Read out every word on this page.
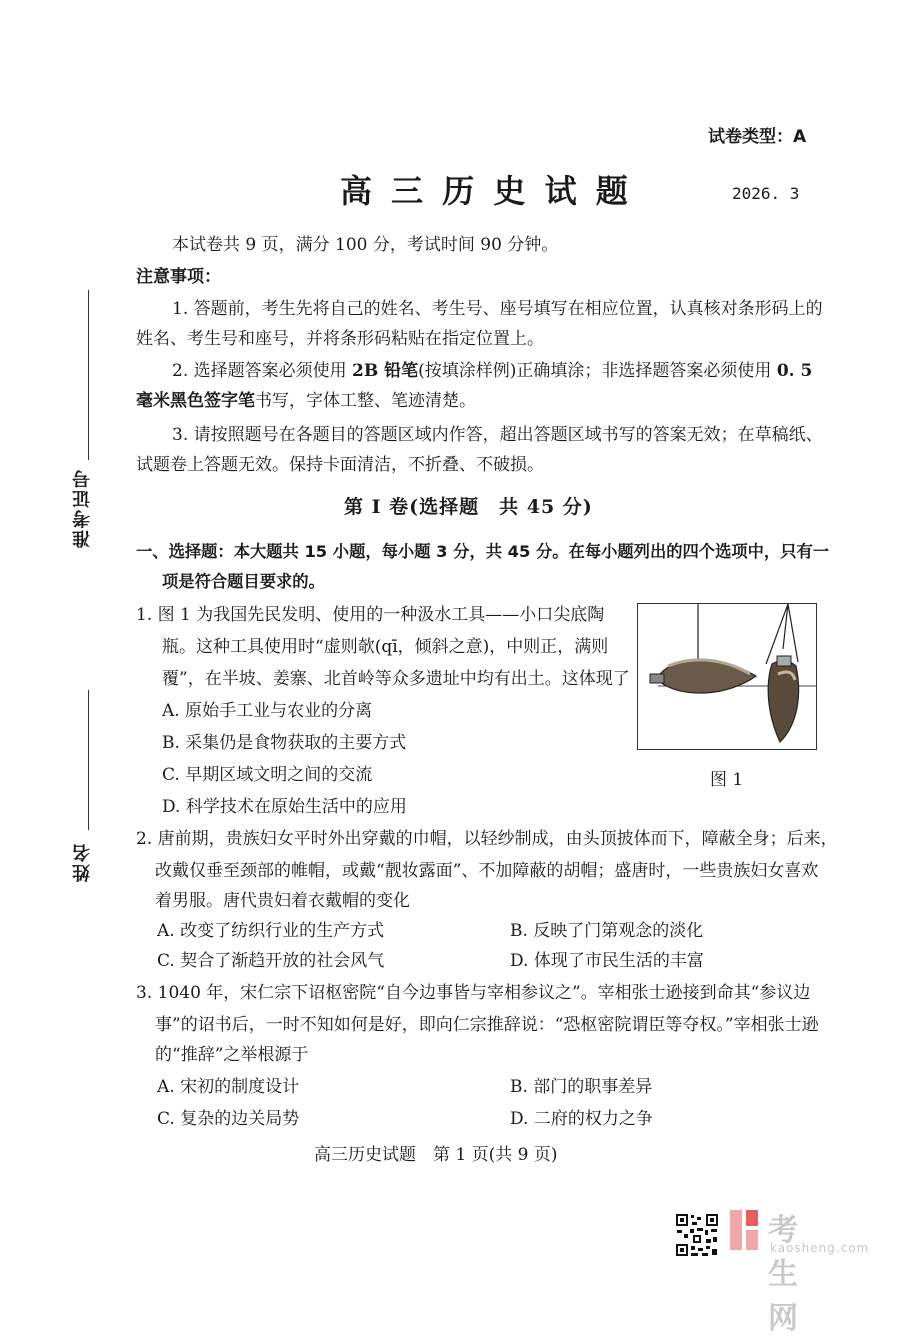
试卷类型：A
高 三 历 史 试 题	2026. 3
本试卷共 9 页，满分 100 分，考试时间 90 分钟。
注意事项：
1. 答题前，考生先将自己的姓名、考生号、座号填写在相应位置，认真核对条形码上的
姓名、考生号和座号，并将条形码粘贴在指定位置上。
2. 选择题答案必须使用 2B 铅笔(按填涂样例)正确填涂；非选择题答案必须使用 0. 5
毫米黑色签字笔书写，字体工整、笔迹清楚。
3. 请按照题号在各题目的答题区域内作答，超出答题区域书写的答案无效；在草稿纸、
试题卷上答题无效。保持卡面清洁，不折叠、不破损。
第 Ⅰ 卷(选择题　共 45 分)
一、选择题：本大题共 15 小题，每小题 3 分，共 45 分。在每小题列出的四个选项中，只有一
项是符合题目要求的。
1. 图 1 为我国先民发明、使用的一种汲水工具——小口尖底陶
瓶。这种工具使用时“虚则欹(qī，倾斜之意)，中则正，满则
覆”，在半坡、姜寨、北首岭等众多遗址中均有出土。这体现了
A. 原始手工业与农业的分离
B. 采集仍是食物获取的主要方式
C. 早期区域文明之间的交流
D. 科学技术在原始生活中的应用
图 1
2. 唐前期，贵族妇女平时外出穿戴的巾帽，以轻纱制成，由头顶披体而下，障蔽全身；后来，
改戴仅垂至颈部的帷帽，或戴“靓妆露面”、不加障蔽的胡帽；盛唐时，一些贵族妇女喜欢
着男服。唐代贵妇着衣戴帽的变化
A. 改变了纺织行业的生产方式	B. 反映了门第观念的淡化
C. 契合了渐趋开放的社会风气	D. 体现了市民生活的丰富
3. 1040 年，宋仁宗下诏枢密院“自今边事皆与宰相参议之”。宰相张士逊接到命其“参议边
事”的诏书后，一时不知如何是好，即向仁宗推辞说：“恐枢密院谓臣等夺权。”宰相张士逊
的“推辞”之举根源于
A. 宋初的制度设计	B. 部门的职事差异
C. 复杂的边关局势	D. 二府的权力之争
高三历史试题　第 1 页(共 9 页)
准考证号
姓名
考生网
kaosheng.com
